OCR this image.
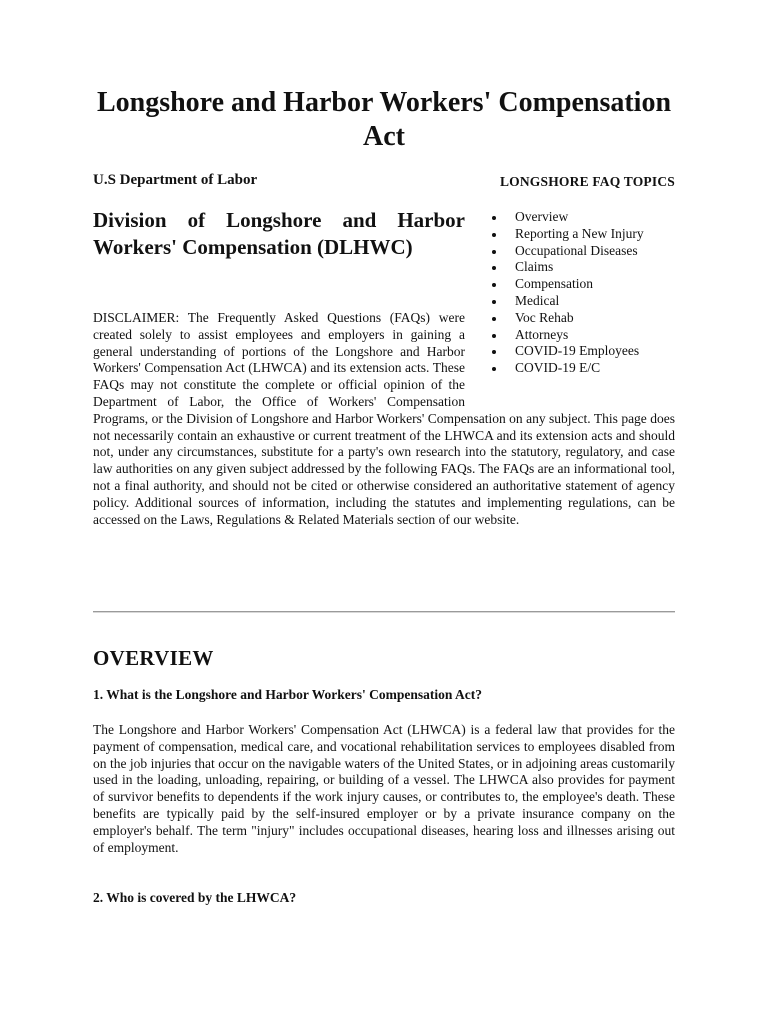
Longshore and Harbor Workers' Compensation Act

U.S Department of Labor

Division of Longshore and Harbor Workers' Compensation (DLHWC)

LONGSHORE FAQ TOPICS

Overview
Reporting a New Injury
Occupational Diseases
Claims
Compensation
Medical
Voc Rehab
Attorneys
COVID-19 Employees
COVID-19 E/C

DISCLAIMER: The Frequently Asked Questions (FAQs) were created solely to assist employees and employers in gaining a general understanding of portions of the Longshore and Harbor Workers' Compensation Act (LHWCA) and its extension acts. These FAQs may not constitute the complete or official opinion of the Department of Labor, the Office of Workers' Compensation Programs, or the Division of Longshore and Harbor Workers' Compensation on any subject. This page does not necessarily contain an exhaustive or current treatment of the LHWCA and its extension acts and should not, under any circumstances, substitute for a party's own research into the statutory, regulatory, and case law authorities on any given subject addressed by the following FAQs. The FAQs are an informational tool, not a final authority, and should not be cited or otherwise considered an authoritative statement of agency policy. Additional sources of information, including the statutes and implementing regulations, can be accessed on the Laws, Regulations & Related Materials section of our website.

OVERVIEW

1. What is the Longshore and Harbor Workers' Compensation Act?

The Longshore and Harbor Workers' Compensation Act (LHWCA) is a federal law that provides for the payment of compensation, medical care, and vocational rehabilitation services to employees disabled from on the job injuries that occur on the navigable waters of the United States, or in adjoining areas customarily used in the loading, unloading, repairing, or building of a vessel. The LHWCA also provides for payment of survivor benefits to dependents if the work injury causes, or contributes to, the employee's death. These benefits are typically paid by the self-insured employer or by a private insurance company on the employer's behalf. The term "injury" includes occupational diseases, hearing loss and illnesses arising out of employment.

2. Who is covered by the LHWCA?
